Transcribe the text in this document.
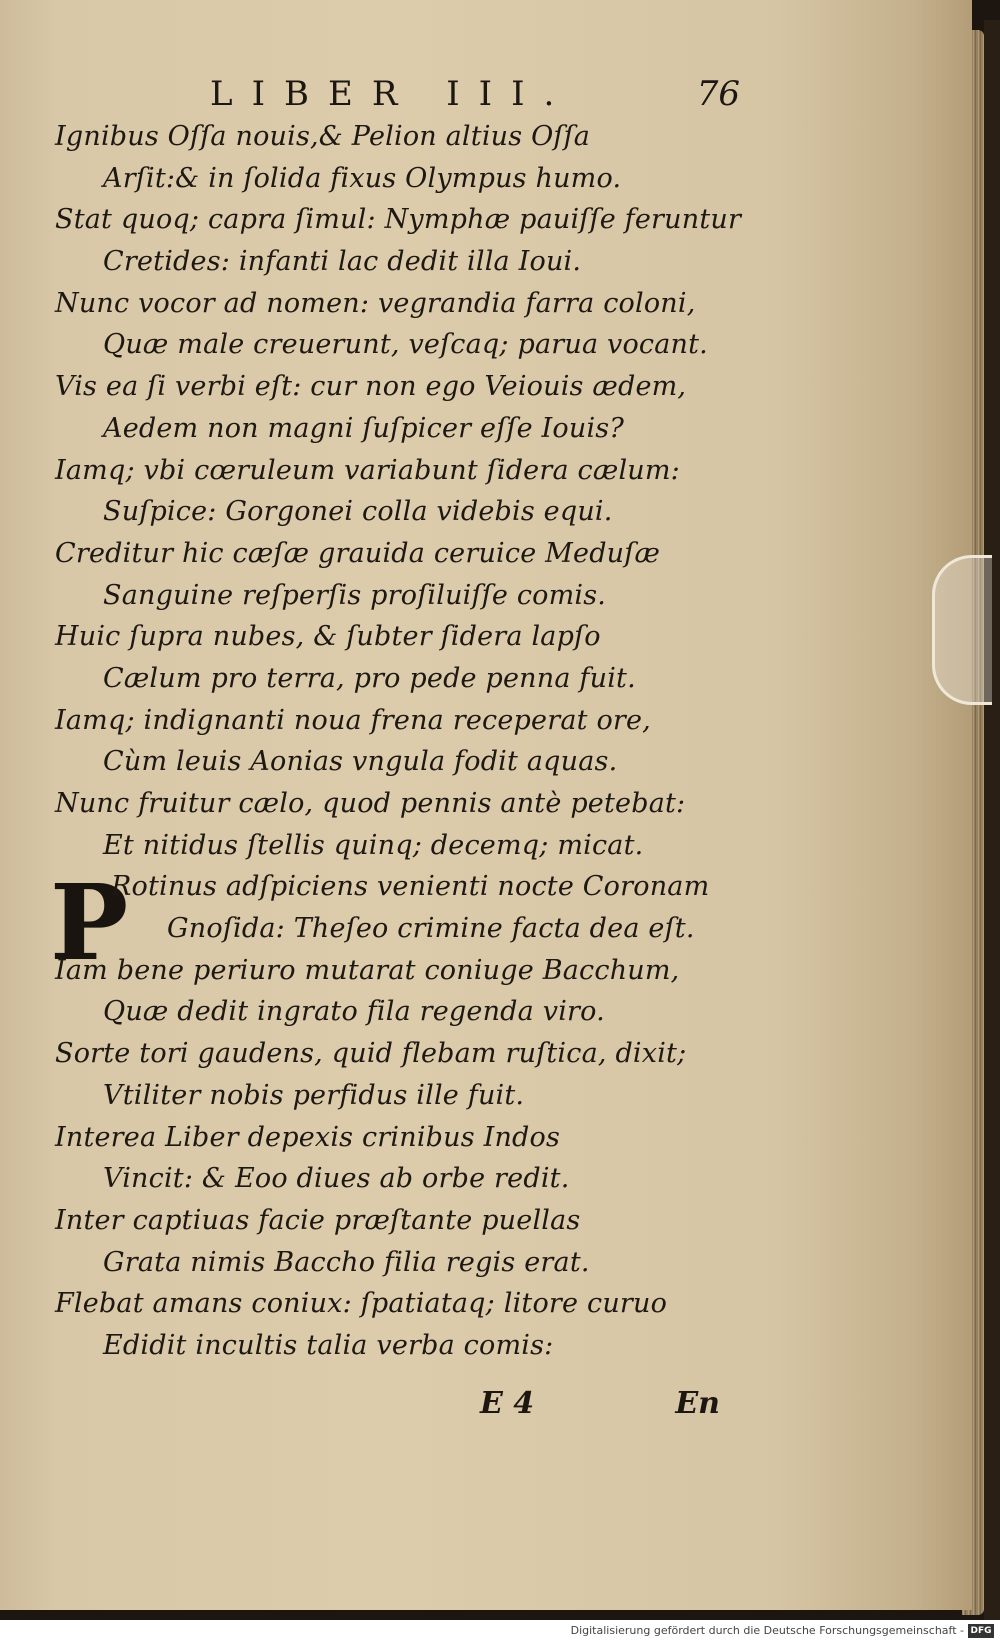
LIBER III.	76
P
Ignibus Oſſa nouis,& Pelion altius Oſſa
Arſit:& in ſolida fixus Olympus humo.
Stat quoq; capra ſimul: Nymphæ pauiſſe feruntur
Cretides: infanti lac dedit illa Ioui.
Nunc vocor ad nomen: vegrandia farra coloni,
Quæ male creuerunt, veſcaq; parua vocant.
Vis ea ſi verbi eſt: cur non ego Veiouis ædem,
Aedem non magni ſuſpicer eſſe Iouis?
Iamq; vbi cœruleum variabunt ſidera cælum:
Suſpice: Gorgonei colla videbis equi.
Creditur hic cæſæ grauida ceruice Meduſæ
Sanguine reſperſis proſiluiſſe comis.
Huic ſupra nubes, & ſubter ſidera lapſo
Cælum pro terra, pro pede penna fuit.
Iamq; indignanti noua frena receperat ore,
Cùm leuis Aonias vngula fodit aquas.
Nunc fruitur cælo, quod pennis antè petebat:
Et nitidus ſtellis quinq; decemq; micat.
Rotinus adſpiciens venienti nocte Coronam
Gnoſida: Theſeo crimine facta dea eſt.
Iam bene periuro mutarat coniuge Bacchum,
Quæ dedit ingrato fila regenda viro.
Sorte tori gaudens, quid flebam ruſtica, dixit;
Vtiliter nobis perfidus ille fuit.
Interea Liber depexis crinibus Indos
Vincit: & Eoo diues ab orbe redit.
Inter captiuas facie præſtante puellas
Grata nimis Baccho filia regis erat.
Flebat amans coniux: ſpatiataq; litore curuo
Edidit incultis talia verba comis:
E 4	En
Digitalisierung gefördert durch die Deutsche Forschungsgemeinschaft - DFG
